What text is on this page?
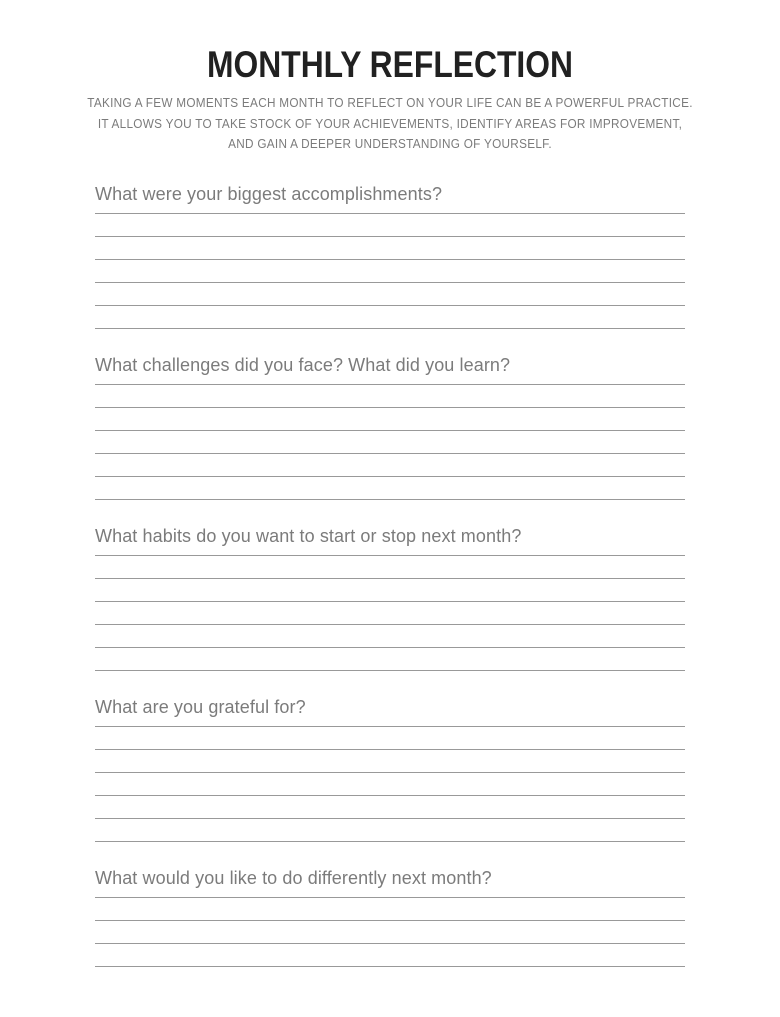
MONTHLY REFLECTION
TAKING A FEW MOMENTS EACH MONTH TO REFLECT ON YOUR LIFE CAN BE A POWERFUL PRACTICE.
IT ALLOWS YOU TO TAKE STOCK OF YOUR ACHIEVEMENTS, IDENTIFY AREAS FOR IMPROVEMENT,
AND GAIN A DEEPER UNDERSTANDING OF YOURSELF.
What were your biggest accomplishments?
What challenges did you face? What did you learn?
What habits do you want to start or stop next month?
What are you grateful for?
What would you like to do differently next month?
